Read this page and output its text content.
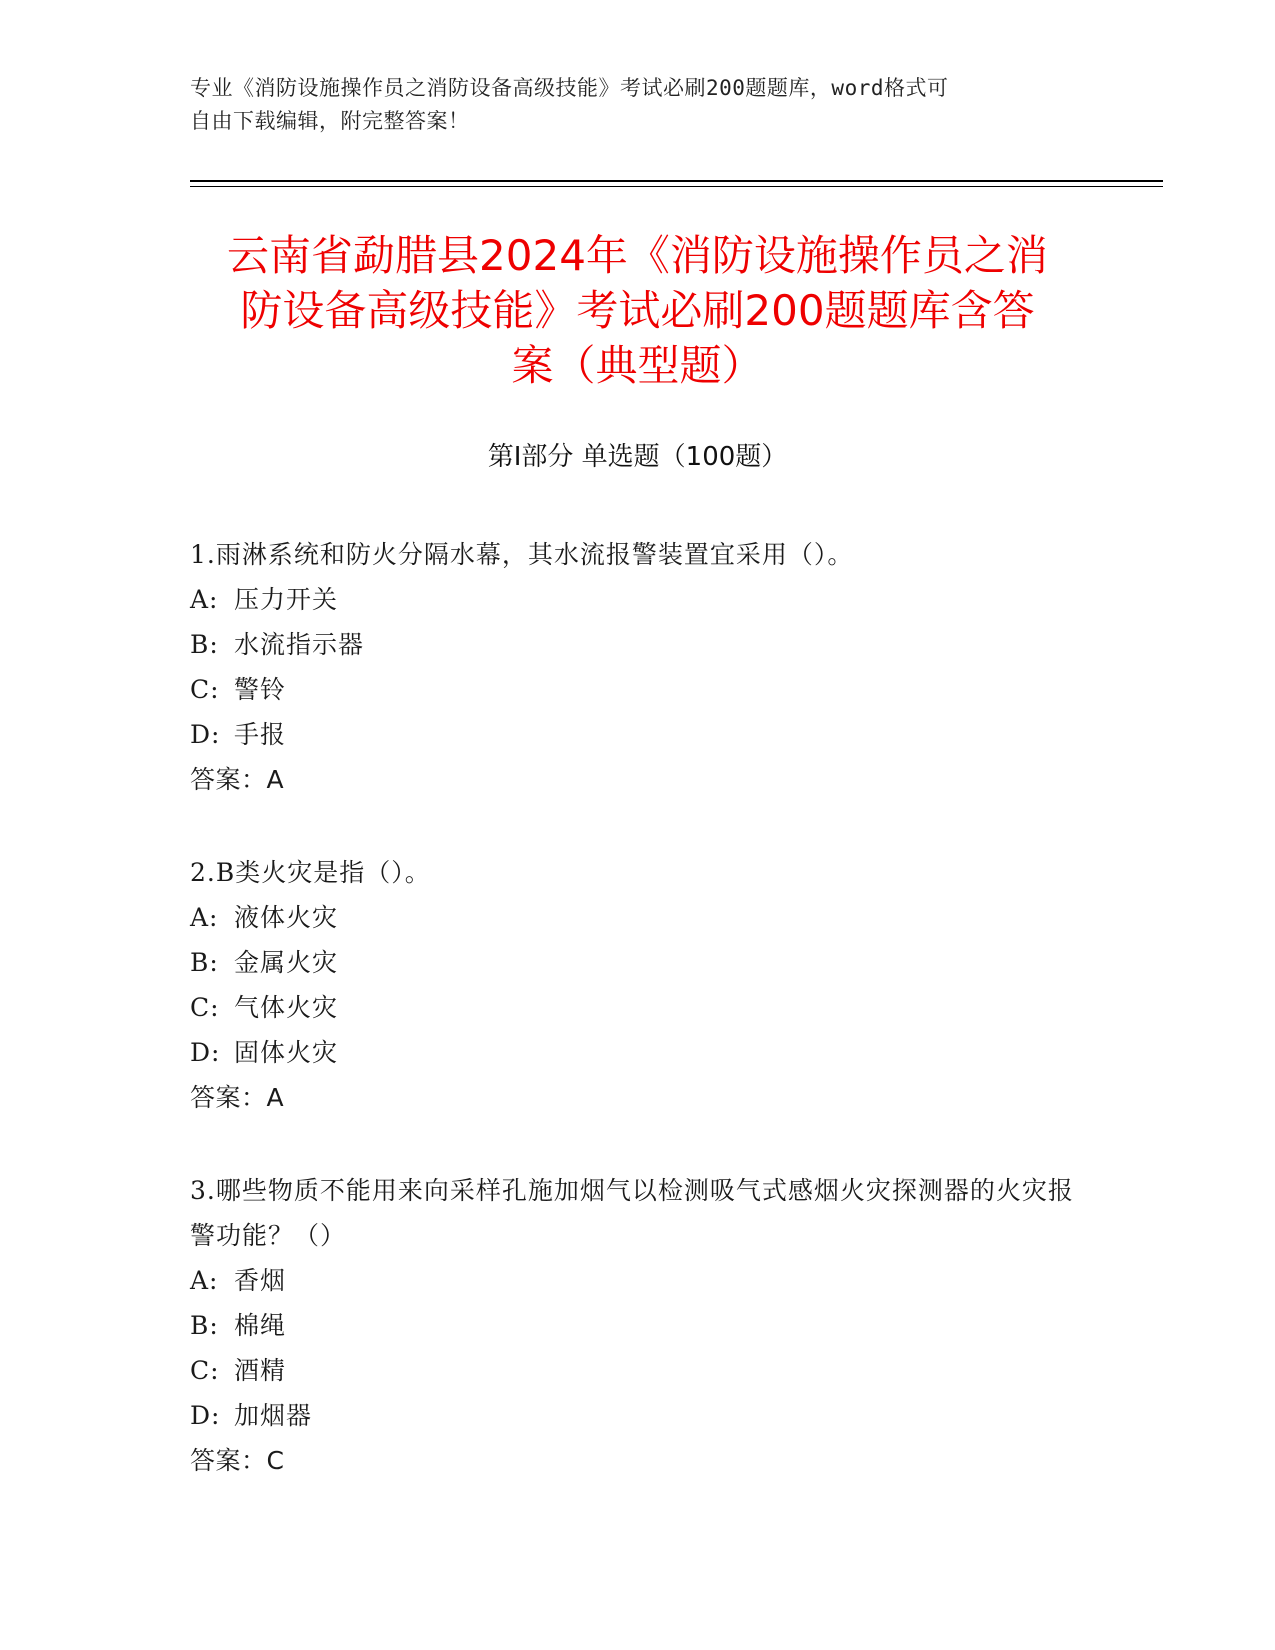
专业《消防设施操作员之消防设备高级技能》考试必刷200题题库，word格式可
自由下载编辑，附完整答案！
云南省勐腊县2024年《消防设施操作员之消
防设备高级技能》考试必刷200题题库含答
案（典型题）
第I部分 单选题（100题）
1.雨淋系统和防火分隔水幕，其水流报警装置宜采用（）。
A: 压力开关
B: 水流指示器
C: 警铃
D: 手报
答案：A
2.B类火灾是指（）。
A: 液体火灾
B: 金属火灾
C: 气体火灾
D: 固体火灾
答案：A
3.哪些物质不能用来向采样孔施加烟气以检测吸气式感烟火灾探测器的火灾报警功能？（）
A: 香烟
B: 棉绳
C: 酒精
D: 加烟器
答案：C
